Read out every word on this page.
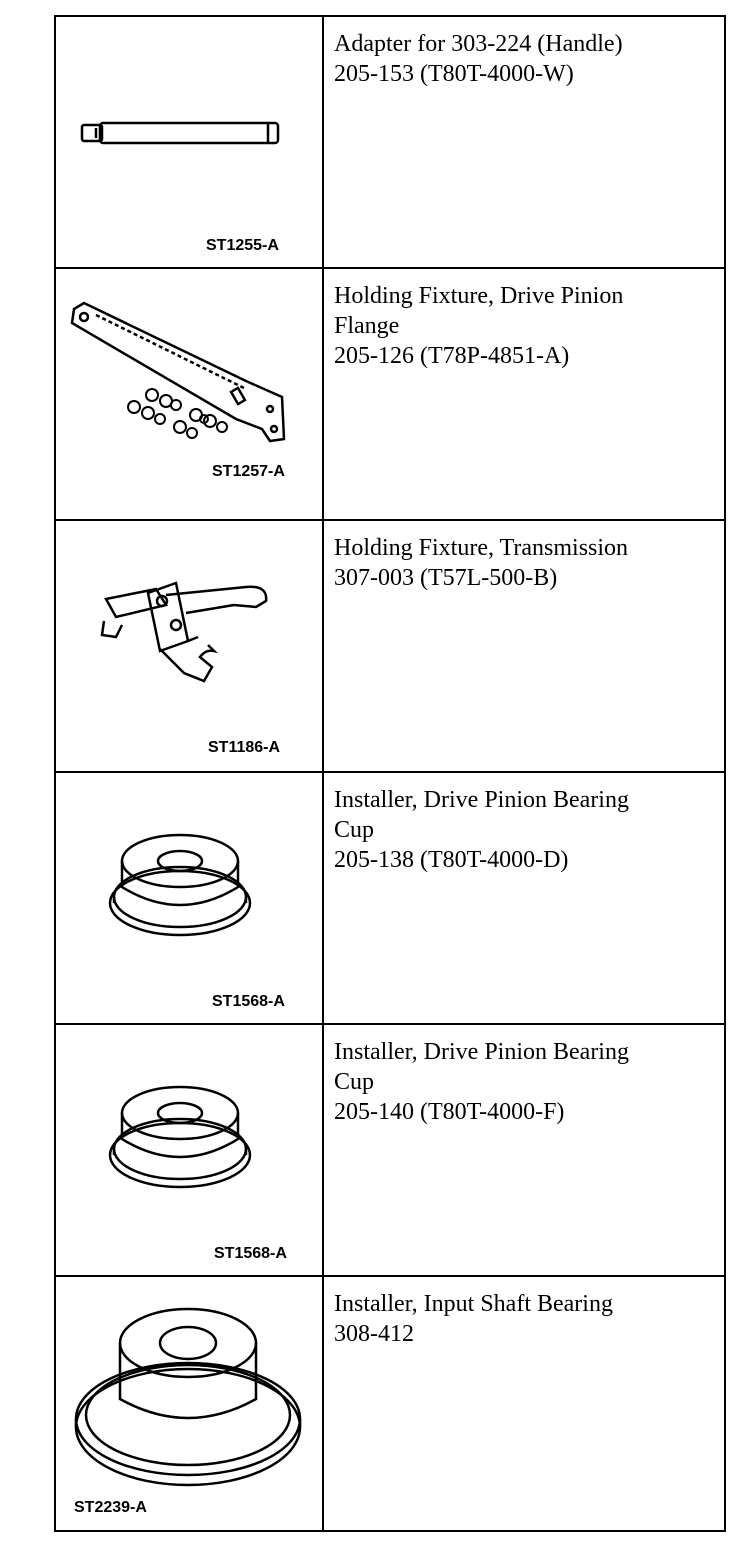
ST1255-A	Adapter for 303-224 (Handle)
205-153 (T80T-4000-W)

ST1257-A	Holding Fixture, Drive Pinion
Flange
205-126 (T78P-4851-A)

ST1186-A	Holding Fixture, Transmission
307-003 (T57L-500-B)

ST1568-A	Installer, Drive Pinion Bearing
Cup
205-138 (T80T-4000-D)

ST1568-A	Installer, Drive Pinion Bearing
Cup
205-140 (T80T-4000-F)

ST2239-A	Installer, Input Shaft Bearing
308-412
